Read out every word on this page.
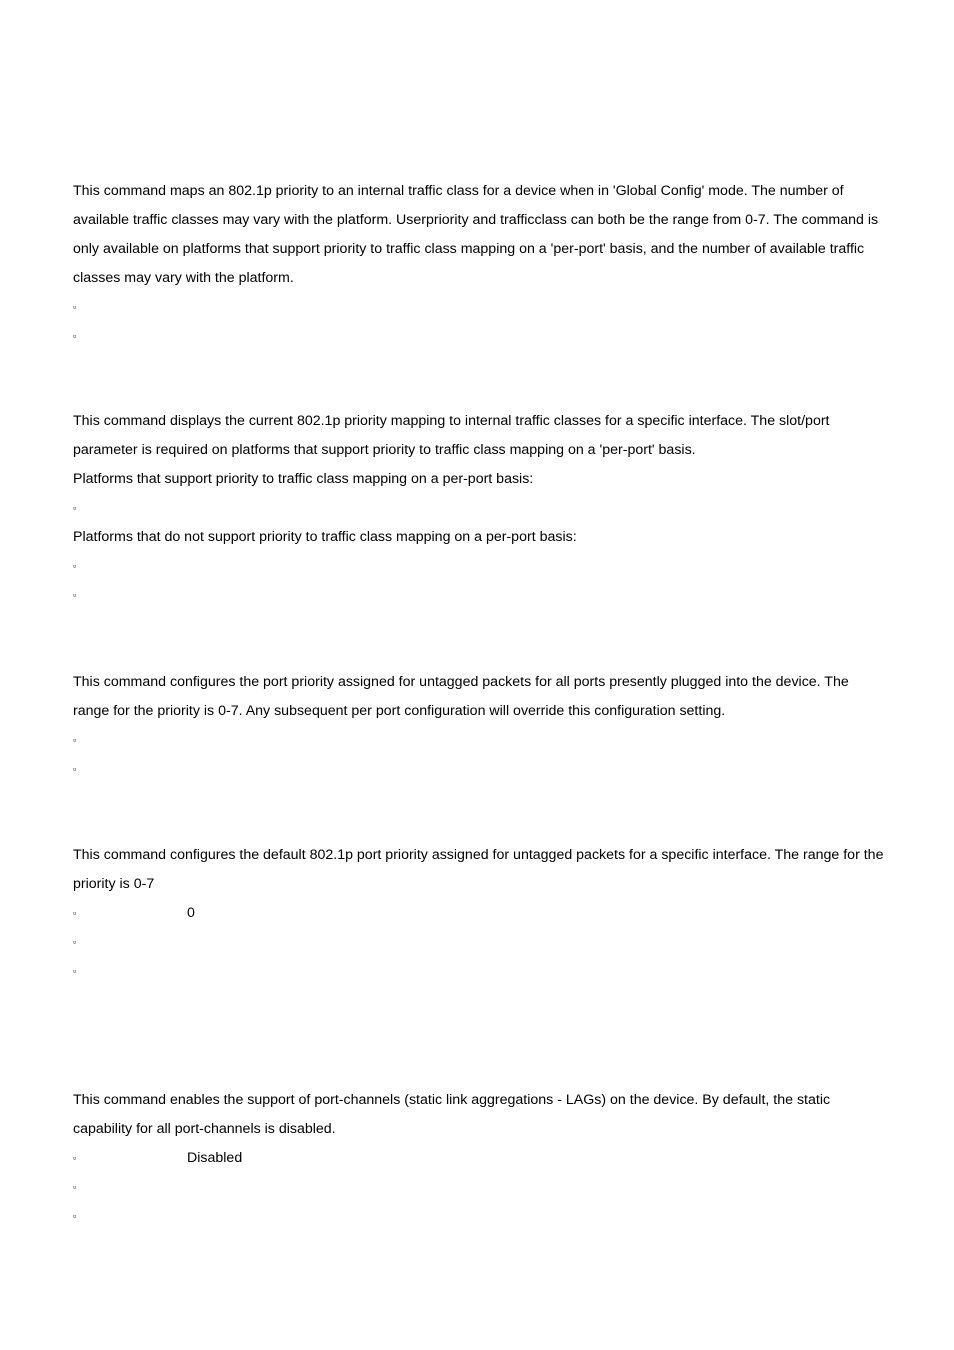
This command maps an 802.1p priority to an internal traffic class for a device when in 'Global Config' mode. The number of available traffic classes may vary with the platform. Userpriority and trafficclass can both be the range from 0-7. The command is only available on platforms that support priority to traffic class mapping on a 'per-port' basis, and the number of available traffic classes may vary with the platform.

▫
▫

This command displays the current 802.1p priority mapping to internal traffic classes for a specific interface. The slot/port parameter is required on platforms that support priority to traffic class mapping on a 'per-port' basis.

Platforms that support priority to traffic class mapping on a per-port basis:

▫

Platforms that do not support priority to traffic class mapping on a per-port basis:

▫
▫

This command configures the port priority assigned for untagged packets for all ports presently plugged into the device. The range for the priority is 0-7. Any subsequent per port configuration will override this configuration setting.

▫
▫

This command configures the default 802.1p port priority assigned for untagged packets for a specific interface. The range for the priority is 0-7

▫	0
▫
▫

This command enables the support of port-channels (static link aggregations - LAGs) on the device. By default, the static capability for all port-channels is disabled.

▫	Disabled
▫
▫
